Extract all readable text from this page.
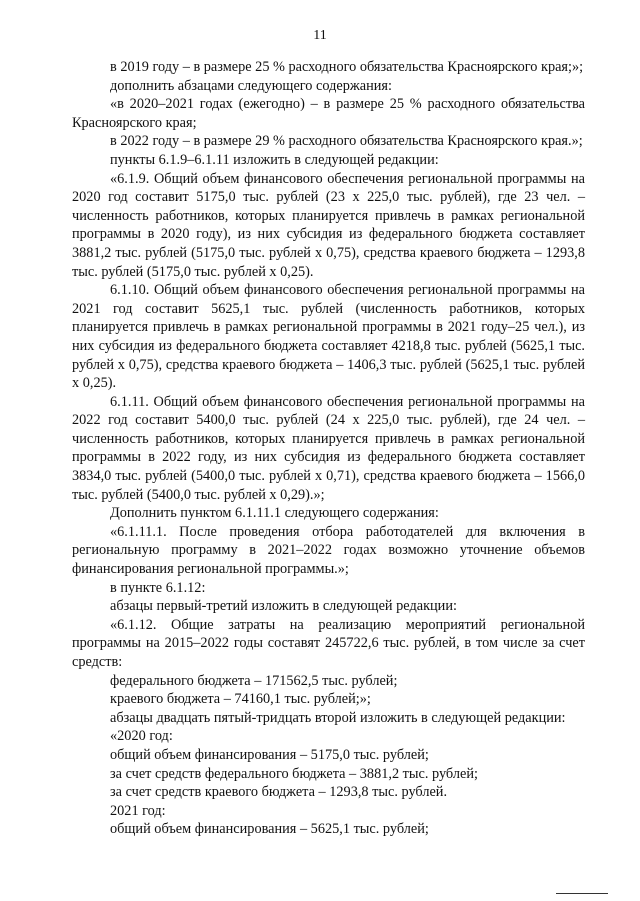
11

в 2019 году – в размере 25 % расходного обязательства Красноярского края;»;

дополнить абзацами следующего содержания:

«в 2020–2021 годах (ежегодно) – в размере 25 % расходного обязательства Красноярского края;

в 2022 году – в размере 29 % расходного обязательства Красноярского края.»;

пункты 6.1.9–6.1.11 изложить в следующей редакции:

«6.1.9. Общий объем финансового обеспечения региональной программы на 2020 год составит 5175,0 тыс. рублей (23 х 225,0 тыс. рублей), где 23 чел. – численность работников, которых планируется привлечь в рамках региональной программы в 2020 году), из них субсидия из федерального бюджета составляет 3881,2 тыс. рублей (5175,0 тыс. рублей х 0,75), средства краевого бюджета – 1293,8 тыс. рублей (5175,0 тыс. рублей х 0,25).

6.1.10. Общий объем финансового обеспечения региональной программы на 2021 год составит 5625,1 тыс. рублей (численность работников, которых планируется привлечь в рамках региональной программы в 2021 году–25 чел.), из них субсидия из федерального бюджета составляет 4218,8 тыс. рублей (5625,1 тыс. рублей х 0,75), средства краевого бюджета – 1406,3 тыс. рублей (5625,1 тыс. рублей х 0,25).

6.1.11. Общий объем финансового обеспечения региональной программы на 2022 год составит 5400,0 тыс. рублей (24 х 225,0 тыс. рублей), где 24 чел. – численность работников, которых планируется привлечь в рамках региональной программы в 2022 году, из них субсидия из федерального бюджета составляет 3834,0 тыс. рублей (5400,0 тыс. рублей х 0,71), средства краевого бюджета – 1566,0 тыс. рублей (5400,0 тыс. рублей х 0,29).»;

Дополнить пунктом 6.1.11.1 следующего содержания:

«6.1.11.1. После проведения отбора работодателей для включения в региональную программу в 2021–2022 годах возможно уточнение объемов финансирования региональной программы.»;

в пункте 6.1.12:

абзацы первый-третий изложить в следующей редакции:

«6.1.12. Общие затраты на реализацию мероприятий региональной программы на 2015–2022 годы составят 245722,6 тыс. рублей, в том числе за счет средств:

федерального бюджета – 171562,5 тыс. рублей;

краевого бюджета – 74160,1 тыс. рублей;»;

абзацы двадцать пятый-тридцать второй изложить в следующей редакции:

«2020 год:

общий объем финансирования – 5175,0 тыс. рублей;

за счет средств федерального бюджета – 3881,2 тыс. рублей;

за счет средств краевого бюджета – 1293,8 тыс. рублей.

2021 год:

общий объем финансирования – 5625,1 тыс. рублей;
